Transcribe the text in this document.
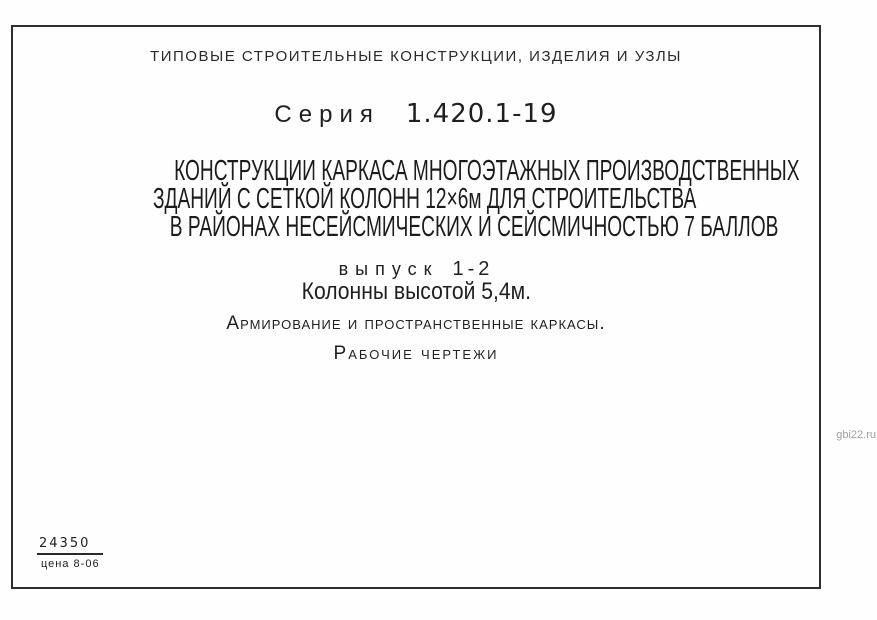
ТИПОВЫЕ СТРОИТЕЛЬНЫЕ КОНСТРУКЦИИ, ИЗДЕЛИЯ И УЗЛЫ
Серия 1.420.1-19
КОНСТРУКЦИИ КАРКАСА МНОГОЭТАЖНЫХ ПРОИЗВОДСТВЕННЫХ
ЗДАНИЙ С СЕТКОЙ КОЛОНН 12×6м ДЛЯ СТРОИТЕЛЬСТВА
В РАЙОНАХ НЕСЕЙСМИЧЕСКИХ И СЕЙСМИЧНОСТЬЮ 7 БАЛЛОВ
выпуск 1-2
Колонны высотой 5,4м.
Армирование и пространственные каркасы.
Рабочие чертежи
24350
цена 8-06
gbi22.ru
